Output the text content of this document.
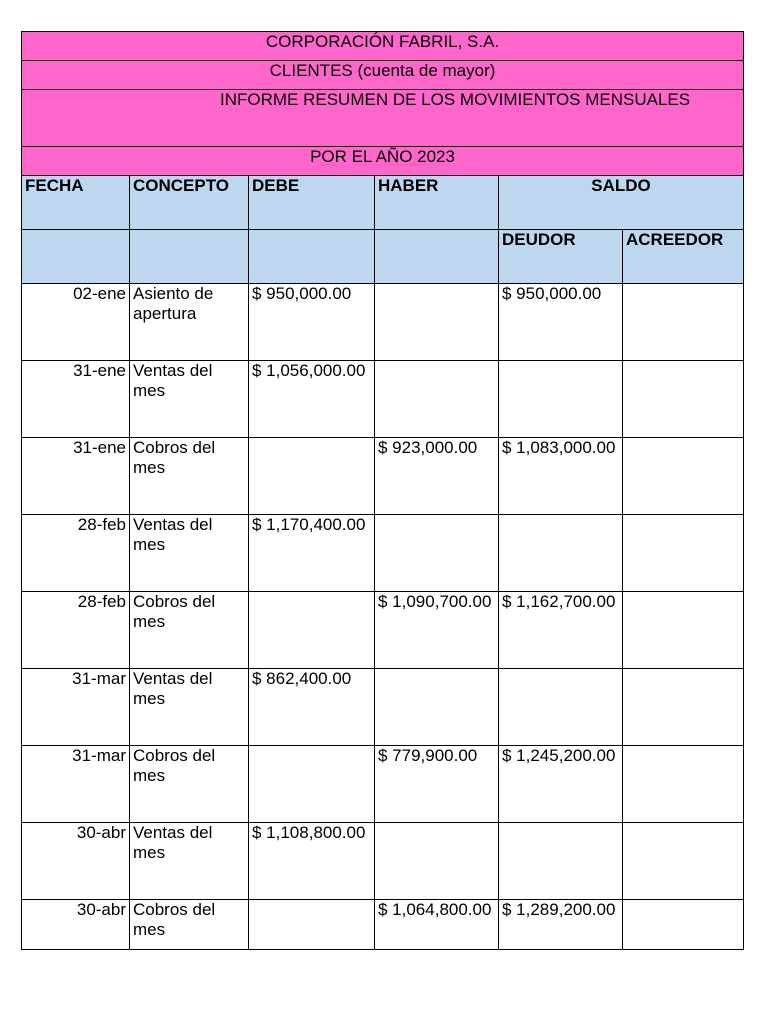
CORPORACIÓN FABRIL, S.A.					
CLIENTES (cuenta de mayor)					
INFORME RESUMEN DE LOS MOVIMIENTOS MENSUALES					
POR EL AÑO 2023					
FECHA	CONCEPTO	DEBE	HABER	SALDO	
				DEUDOR	ACREEDOR
02-ene	Asiento de apertura	$ 950,000.00		$ 950,000.00	
31-ene	Ventas del mes	$ 1,056,000.00			
31-ene	Cobros del mes		$ 923,000.00	$ 1,083,000.00	
28-feb	Ventas del mes	$ 1,170,400.00			
28-feb	Cobros del mes		$ 1,090,700.00	$ 1,162,700.00	
31-mar	Ventas del mes	$ 862,400.00			
31-mar	Cobros del mes		$ 779,900.00	$ 1,245,200.00	
30-abr	Ventas del mes	$ 1,108,800.00			
30-abr	Cobros del mes		$ 1,064,800.00	$ 1,289,200.00	
